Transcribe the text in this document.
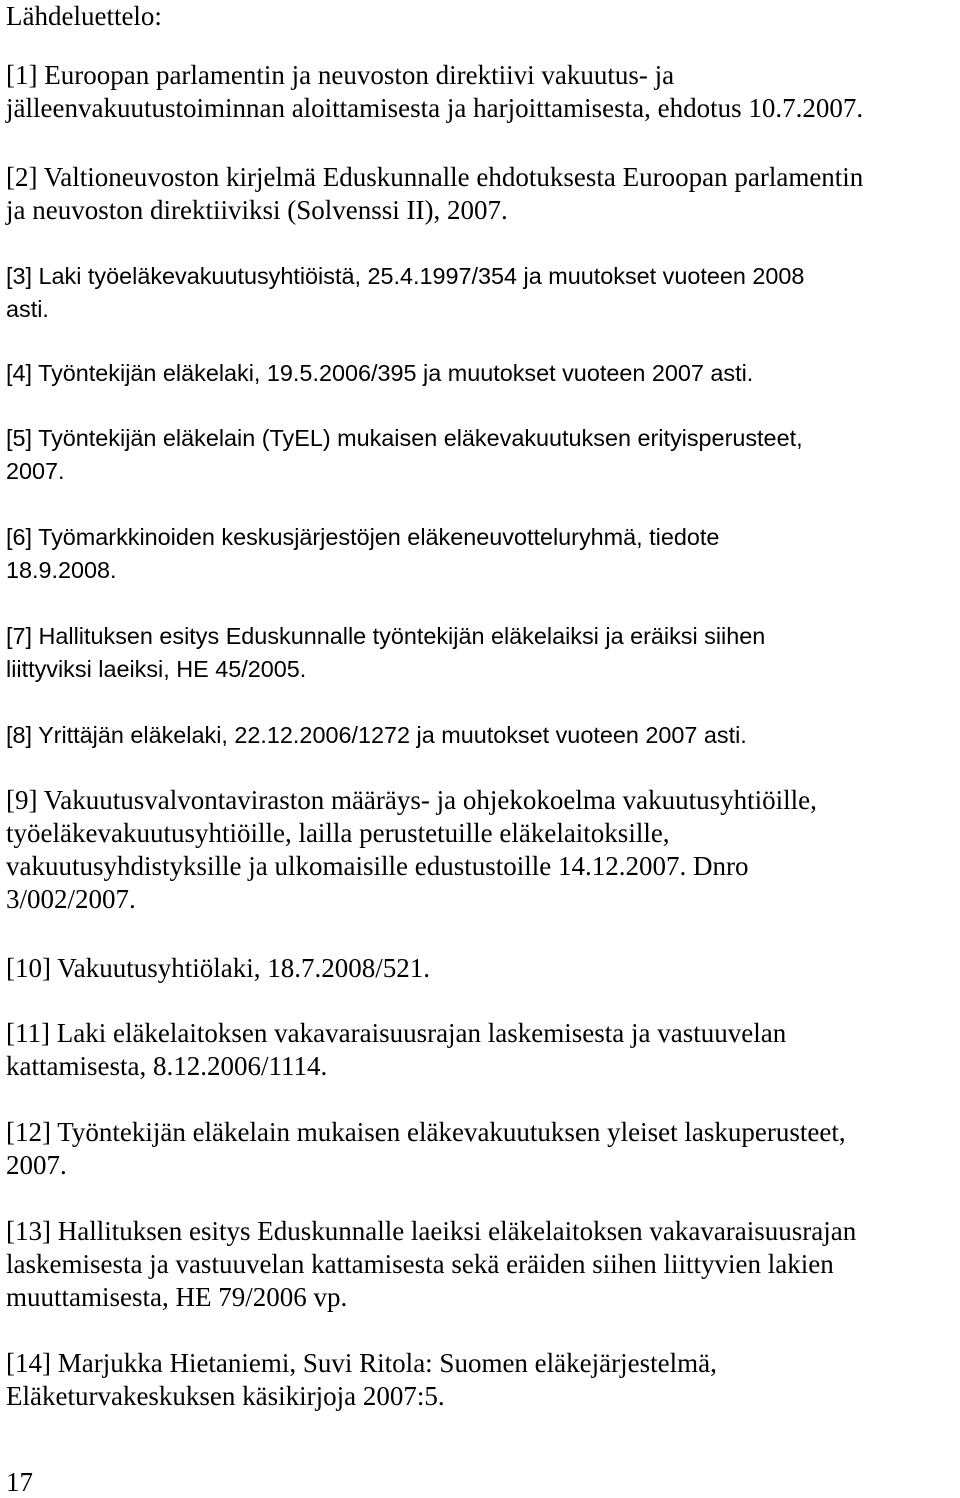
Lähdeluettelo:
[1] Euroopan parlamentin ja neuvoston direktiivi vakuutus- ja
jälleenvakuutustoiminnan aloittamisesta ja harjoittamisesta, ehdotus 10.7.2007.
[2] Valtioneuvoston kirjelmä Eduskunnalle ehdotuksesta Euroopan parlamentin
ja neuvoston direktiiviksi (Solvenssi II), 2007.
[3] Laki työeläkevakuutusyhtiöistä, 25.4.1997/354 ja muutokset vuoteen 2008
asti.
[4] Työntekijän eläkelaki, 19.5.2006/395 ja muutokset vuoteen 2007 asti.
[5] Työntekijän eläkelain (TyEL) mukaisen eläkevakuutuksen erityisperusteet,
2007.
[6] Työmarkkinoiden keskusjärjestöjen eläkeneuvotteluryhmä, tiedote
18.9.2008.
[7] Hallituksen esitys Eduskunnalle työntekijän eläkelaiksi ja eräiksi siihen
liittyviksi laeiksi, HE 45/2005.
[8] Yrittäjän eläkelaki, 22.12.2006/1272 ja muutokset vuoteen 2007 asti.
[9] Vakuutusvalvontaviraston määräys- ja ohjekokoelma vakuutusyhtiöille,
työeläkevakuutusyhtiöille, lailla perustetuille eläkelaitoksille,
vakuutusyhdistyksille ja ulkomaisille edustustoille 14.12.2007. Dnro
3/002/2007.
[10] Vakuutusyhtiölaki, 18.7.2008/521.
[11] Laki eläkelaitoksen vakavaraisuusrajan laskemisesta ja vastuuvelan
kattamisesta, 8.12.2006/1114.
[12] Työntekijän eläkelain mukaisen eläkevakuutuksen yleiset laskuperusteet,
2007.
[13] Hallituksen esitys Eduskunnalle laeiksi eläkelaitoksen vakavaraisuusrajan
laskemisesta ja vastuuvelan kattamisesta sekä eräiden siihen liittyvien lakien
muuttamisesta, HE 79/2006 vp.
[14] Marjukka Hietaniemi, Suvi Ritola: Suomen eläkejärjestelmä,
Eläketurvakeskuksen käsikirjoja 2007:5.
17
